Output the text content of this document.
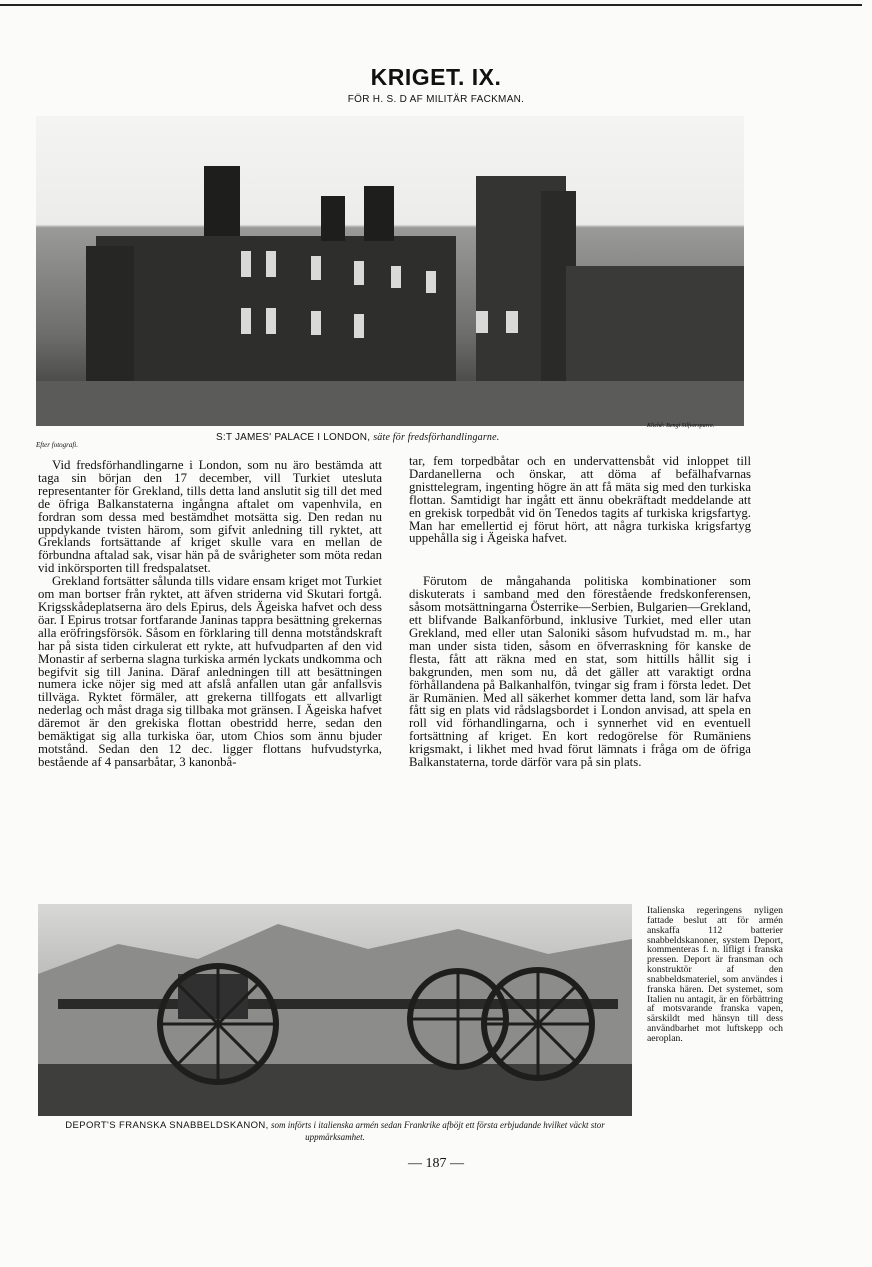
KRIGET. IX.
FÖR H. S. D AF MILITÄR FACKMAN.
Efter fotografi.
S:T JAMES' PALACE I LONDON, säte för fredsförhandlingarne.
Klichê: Bengt Silfversparre.

Vid fredsförhandlingarne i London, som nu äro bestämda att taga sin början den 17 december, vill Turkiet utesluta representanter för Grekland, tills detta land anslutit sig till det med de öfriga Balkanstaterna ingångna aftalet om vapenhvila, en fordran som dessa med bestämdhet motsätta sig. Den redan nu uppdykande tvisten härom, som gifvit anledning till ryktet, att Greklands fortsättande af kriget skulle vara en mellan de förbundna aftalad sak, visar hän på de svårigheter som möta redan vid inkörsporten till fredspalatset.

Grekland fortsätter sålunda tills vidare ensam kriget mot Turkiet om man bortser från ryktet, att äfven striderna vid Skutari fortgå. Krigsskådeplatserna äro dels Epirus, dels Ägeiska hafvet och dess öar. I Epirus trotsar fortfarande Janinas tappra besättning grekernas alla eröfringsförsök. Såsom en förklaring till denna motståndskraft har på sista tiden cirkulerat ett rykte, att hufvudparten af den vid Monastir af serberna slagna turkiska armén lyckats undkomma och begifvit sig till Janina. Däraf anledningen till att besättningen numera icke nöjer sig med att afslå anfallen utan går anfallsvis tillväga. Ryktet förmäler, att grekerna tillfogats ett allvarligt nederlag och måst draga sig tillbaka mot gränsen. I Ägeiska hafvet däremot är den grekiska flottan obestridd herre, sedan den bemäktigat sig alla turkiska öar, utom Chios som ännu bjuder motstånd. Sedan den 12 dec. ligger flottans hufvudstyrka, bestående af 4 pansarbåtar, 3 kanonbå-

tar, fem torpedbåtar och en undervattensbåt vid inloppet till Dardanellerna och önskar, att döma af befälhafvarnas gnisttelegram, ingenting högre än att få mäta sig med den turkiska flottan. Samtidigt har ingått ett ännu obekräftadt meddelande att en grekisk torpedbåt vid ön Tenedos tagits af turkiska krigsfartyg. Man har emellertid ej förut hört, att några turkiska krigsfartyg uppehålla sig i Ägeiska hafvet.

Förutom de mångahanda politiska kombinationer som diskuterats i samband med den förestående fredskonferensen, såsom motsättningarna Österrike—Serbien, Bulgarien—Grekland, ett blifvande Balkanförbund, inklusive Turkiet, med eller utan Grekland, med eller utan Saloniki såsom hufvudstad m. m., har man under sista tiden, såsom en öfverraskning för kanske de flesta, fått att räkna med en stat, som hittills hållit sig i bakgrunden, men som nu, då det gäller att varaktigt ordna förhållandena på Balkanhalfön, tvingar sig fram i första ledet. Det är Rumänien. Med all säkerhet kommer detta land, som lär hafva fått sig en plats vid rådslagsbordet i London anvisad, att spela en roll vid förhandlingarna, och i synnerhet vid en eventuell fortsättning af kriget. En kort redogörelse för Rumäniens krigsmakt, i likhet med hvad förut lämnats i fråga om de öfriga Balkanstaterna, torde därför vara på sin plats.

DEPORT'S FRANSKA SNABBELDSKANON, som införts i italienska armén sedan Frankrike afböjt ett första erbjudande hvilket väckt stor uppmärksamhet.
Italienska regeringens nyligen fattade beslut att för armén anskaffa 112 batterier snabbeldskanoner, system Deport, kommenteras f. n. lifligt i franska pressen. Deport är fransman och konstruktör af den snabbeldsmateriel, som användes i franska hären. Det systemet, som Italien nu antagit, är en förbättring af motsvarande franska vapen, särskildt med hänsyn till dess användbarhet mot luftskepp och aeroplan.
— 187 —
